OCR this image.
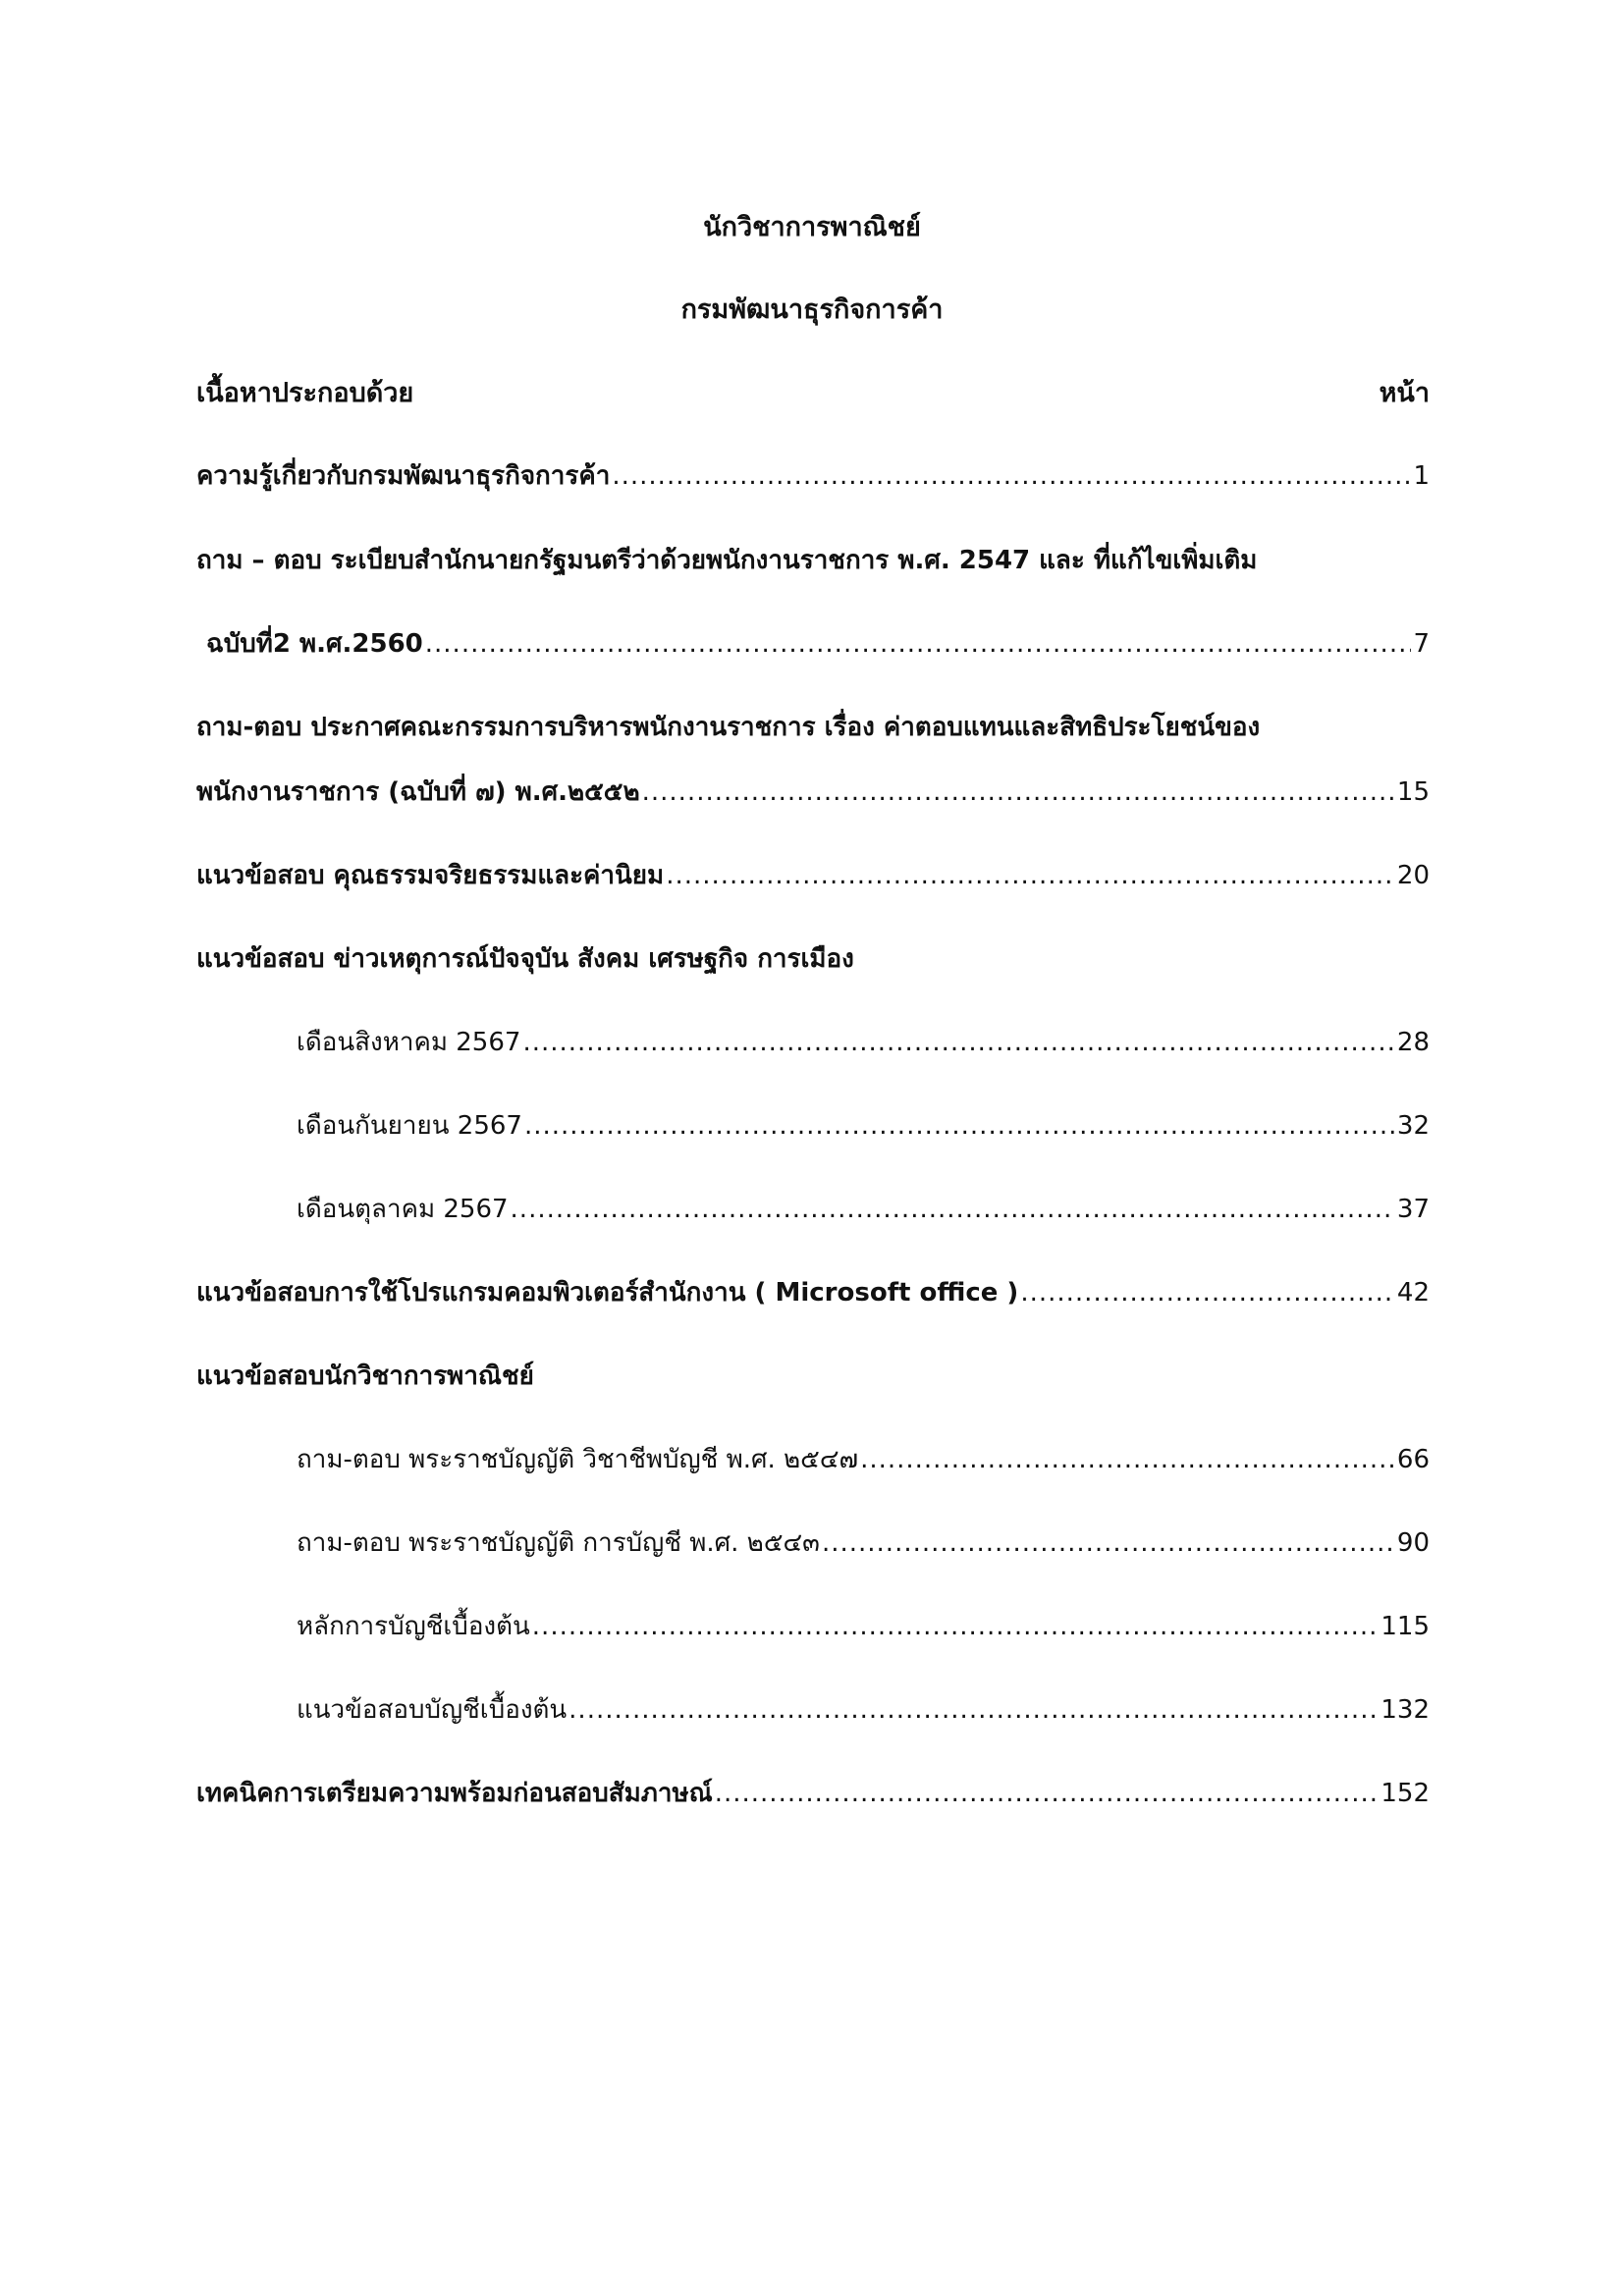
นักวิชาการพาณิชย์
กรมพัฒนาธุรกิจการค้า
เนื้อหาประกอบด้วย	หน้า
ความรู้เกี่ยวกับกรมพัฒนาธุรกิจการค้า .....	1
ถาม – ตอบ ระเบียบสำนักนายกรัฐมนตรีว่าด้วยพนักงานราชการ พ.ศ. 2547 และ ที่แก้ไขเพิ่มเติม
ฉบับที่2 พ.ศ.2560 .....	7
ถาม-ตอบ ประกาศคณะกรรมการบริหารพนักงานราชการ เรื่อง ค่าตอบแทนและสิทธิประโยชน์ของ
พนักงานราชการ (ฉบับที่ ๗) พ.ศ.๒๕๕๒ .....	15
แนวข้อสอบ คุณธรรมจริยธรรมและค่านิยม .....	20
แนวข้อสอบ ข่าวเหตุการณ์ปัจจุบัน สังคม เศรษฐกิจ การเมือง
เดือนสิงหาคม 2567 .....	28
เดือนกันยายน 2567 .....	32
เดือนตุลาคม 2567 .....	37
แนวข้อสอบการใช้โปรแกรมคอมพิวเตอร์สำนักงาน ( Microsoft office ) .....	42
แนวข้อสอบนักวิชาการพาณิชย์
ถาม-ตอบ พระราชบัญญัติ วิชาชีพบัญชี พ.ศ. ๒๕๔๗ .....	66
ถาม-ตอบ พระราชบัญญัติ การบัญชี พ.ศ. ๒๕๔๓ .....	90
หลักการบัญชีเบื้องต้น .....	115
แนวข้อสอบบัญชีเบื้องต้น .....	132
เทคนิคการเตรียมความพร้อมก่อนสอบสัมภาษณ์ .....	152
